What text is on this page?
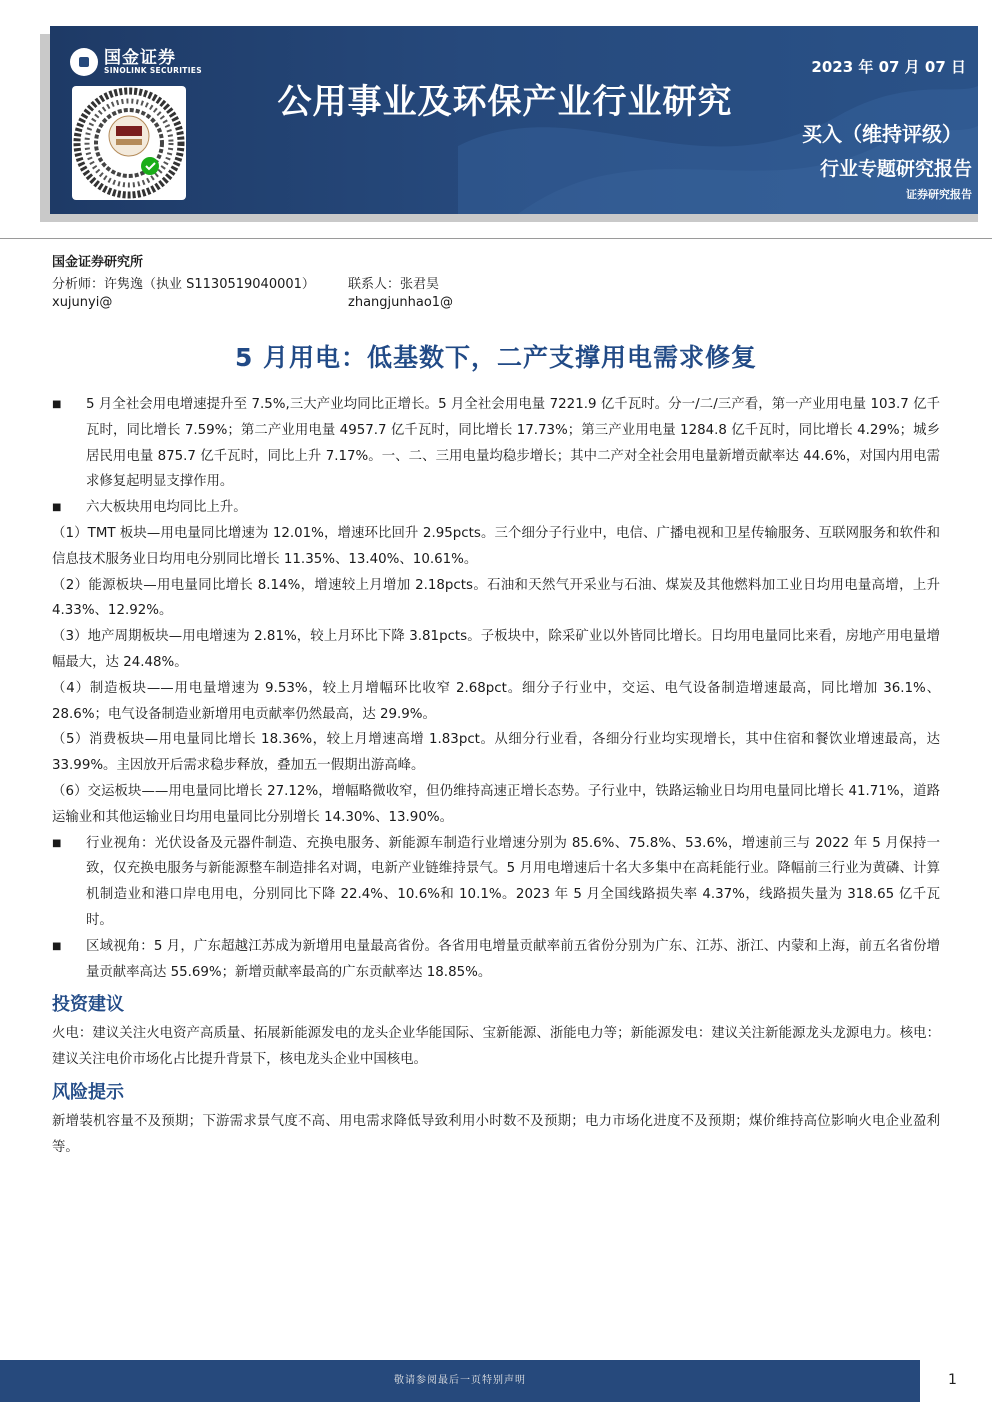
国金证券
SINOLINK SECURITIES
公用事业及环保产业行业研究
2023 年 07 月 07 日
买入（维持评级）
行业专题研究报告
证券研究报告
国金证券研究所
分析师：许隽逸（执业 S1130519040001）
xujunyi@
联系人：张君昊
zhangjunhao1@
5 月用电：低基数下，二产支撑用电需求修复
■	5 月全社会用电增速提升至 7.5%,三大产业均同比正增长。5 月全社会用电量 7221.9 亿千瓦时。分一/二/三产看，第一产业用电量 103.7 亿千瓦时，同比增长 7.59%；第二产业用电量 4957.7 亿千瓦时，同比增长 17.73%；第三产业用电量 1284.8 亿千瓦时，同比增长 4.29%；城乡居民用电量 875.7 亿千瓦时，同比上升 7.17%。一、二、三用电量均稳步增长；其中二产对全社会用电量新增贡献率达 44.6%，对国内用电需求修复起明显支撑作用。
■	六大板块用电均同比上升。
（1）TMT 板块—用电量同比增速为 12.01%，增速环比回升 2.95pcts。三个细分子行业中，电信、广播电视和卫星传输服务、互联网服务和软件和信息技术服务业日均用电分别同比增长 11.35%、13.40%、10.61%。
（2）能源板块—用电量同比增长 8.14%，增速较上月增加 2.18pcts。石油和天然气开采业与石油、煤炭及其他燃料加工业日均用电量高增，上升 4.33%、12.92%。
（3）地产周期板块—用电增速为 2.81%，较上月环比下降 3.81pcts。子板块中，除采矿业以外皆同比增长。日均用电量同比来看，房地产用电量增幅最大，达 24.48%。
（4）制造板块——用电量增速为 9.53%，较上月增幅环比收窄 2.68pct。细分子行业中，交运、电气设备制造增速最高，同比增加 36.1%、28.6%；电气设备制造业新增用电贡献率仍然最高，达 29.9%。
（5）消费板块—用电量同比增长 18.36%，较上月增速高增 1.83pct。从细分行业看，各细分行业均实现增长，其中住宿和餐饮业增速最高，达 33.99%。主因放开后需求稳步释放，叠加五一假期出游高峰。
（6）交运板块——用电量同比增长 27.12%，增幅略微收窄，但仍维持高速正增长态势。子行业中，铁路运输业日均用电量同比增长 41.71%，道路运输业和其他运输业日均用电量同比分别增长 14.30%、13.90%。
■	行业视角：光伏设备及元器件制造、充换电服务、新能源车制造行业增速分别为 85.6%、75.8%、53.6%，增速前三与 2022 年 5 月保持一致，仅充换电服务与新能源整车制造排名对调，电新产业链维持景气。5 月用电增速后十名大多集中在高耗能行业。降幅前三行业为黄磷、计算机制造业和港口岸电用电，分别同比下降 22.4%、10.6%和 10.1%。2023 年 5 月全国线路损失率 4.37%，线路损失量为 318.65 亿千瓦时。
■	区域视角：5 月，广东超越江苏成为新增用电量最高省份。各省用电增量贡献率前五省份分别为广东、江苏、浙江、内蒙和上海，前五名省份增量贡献率高达 55.69%；新增贡献率最高的广东贡献率达 18.85%。
投资建议
火电：建议关注火电资产高质量、拓展新能源发电的龙头企业华能国际、宝新能源、浙能电力等；新能源发电：建议关注新能源龙头龙源电力。核电：建议关注电价市场化占比提升背景下，核电龙头企业中国核电。
风险提示
新增装机容量不及预期；下游需求景气度不高、用电需求降低导致利用小时数不及预期；电力市场化进度不及预期；煤价维持高位影响火电企业盈利等。
敬请参阅最后一页特别声明	1
